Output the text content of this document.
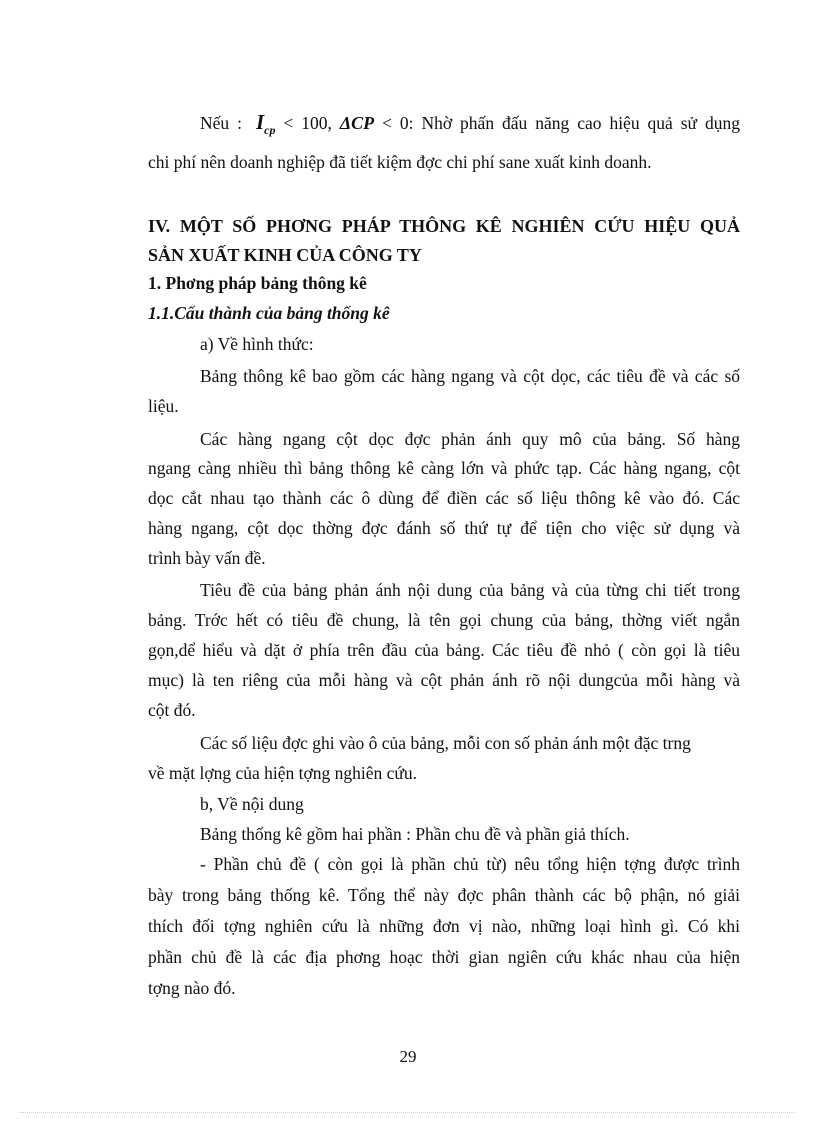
Nếu : $I_{cp} < 100$, ΔCP < 0: Nhờ phấn đấu năng cao hiệu quả sử dụng

chi phí nên doanh nghiệp đã tiết kiệm đợc chi phí sane xuất kinh doanh.

IV. MỘT SỐ PHƠNG PHÁP THÔNG KÊ NGHIÊN CỨU HIỆU QUẢ

SẢN XUẤT KINH CỦA CÔNG TY

1. Phơng pháp bảng thông kê

1.1.Cấu thành của bảng thống kê

a) Về hình thức:

Bảng thông kê bao gồm các hàng ngang và cột dọc, các tiêu đề và các số

liệu.

Các hàng ngang cột dọc đợc phản ánh quy mô của bảng. Số hàng

ngang càng nhiều thì bảng thông kê càng lớn và phức tạp. Các hàng ngang, cột

dọc cắt nhau tạo thành các ô dùng để điền các số liệu thông kê vào đó. Các

hàng ngang, cột dọc thờng đợc đánh số thứ tự để tiện cho việc sử dụng và

trình bày vấn đề.

Tiêu đề của bảng phản ánh nội dung của bảng và của từng chi tiết trong

bảng. Trớc hết có tiêu đề chung, là tên gọi chung của bảng, thờng viết ngắn

gọn,dể hiểu và dặt ở phía trên đầu của bảng. Các tiêu đề nhỏ ( còn gọi là tiêu

mục) là ten riêng của mỗi hàng và cột phản ánh rõ nội dungcủa mỗi hàng và

cột đó.

Các số liệu đợc ghi vào ô của bảng, mỗi con số phản ánh một đặc trng

về mặt lợng của hiện tợng nghiên cứu.

b, Về nội dung

Bảng thống kê gồm hai phần : Phần chu đề và phần giả thích.

- Phần chủ đề ( còn gọi là phần chủ từ) nêu tổng hiện tợng được trình

bày trong bảng thống kê. Tổng thể này đợc phân thành các bộ phận, nó giải

thích đối tợng nghiên cứu là những đơn vị nào, những loại hình gì. Có khi

phần chủ đề là các địa phơng hoạc thời gian ngiên cứu khác nhau của hiện

tợng nào đó.

29
